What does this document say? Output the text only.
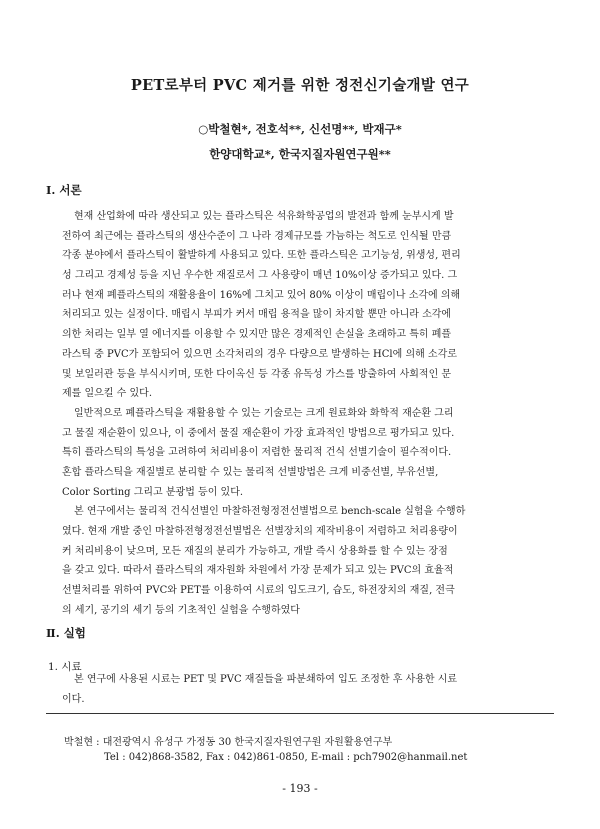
PET로부터 PVC 제거를 위한 정전신기술개발 연구
○박철현*, 전호석**, 신선명**, 박재구*
한양대학교*, 한국지질자원연구원**
Ⅰ. 서론
현재 산업화에 따라 생산되고 있는 플라스틱은 석유화학공업의 발전과 함께 눈부시게 발
전하여 최근에는 플라스틱의 생산수준이 그 나라 경제규모를 가늠하는 척도로 인식될 만큼
각종 분야에서 플라스틱이 활발하게 사용되고 있다. 또한 플라스틱은 고기능성, 위생성, 편리
성 그리고 경제성 등을 지닌 우수한 재질로서 그 사용량이 매년 10%이상 증가되고 있다. 그
러나 현재 폐플라스틱의 재활용율이 16%에 그치고 있어 80% 이상이 매립이나 소각에 의해
처리되고 있는 실정이다. 매립시 부피가 커서 매립 용적을 많이 차지할 뿐만 아니라 소각에
의한 처리는 일부 열 에너지를 이용할 수 있지만 많은 경제적인 손실을 초래하고 특히 폐플
라스틱 중 PVC가 포함되어 있으면 소각처리의 경우 다량으로 발생하는 HCl에 의해 소각로
및 보일러관 등을 부식시키며, 또한 다이옥신 등 각종 유독성 가스를 방출하여 사회적인 문
제를 일으킬 수 있다.
일반적으로 폐플라스틱을 재활용할 수 있는 기술로는 크게 원료화와 화학적 재순환 그리
고 물질 재순환이 있으나, 이 중에서 물질 재순환이 가장 효과적인 방법으로 평가되고 있다.
특히 플라스틱의 특성을 고려하여 처리비용이 저렴한 물리적 건식 선별기술이 필수적이다.
혼합 플라스틱을 재질별로 분리할 수 있는 물리적 선별방법은 크게 비중선별, 부유선별,
Color Sorting 그리고 분광법 등이 있다.
본 연구에서는 물리적 건식선별인 마찰하전형정전선별법으로 bench-scale 실험을 수행하
였다. 현재 개발 중인 마찰하전형정전선별법은 선별장치의 제작비용이 저렴하고 처리용량이
커 처리비용이 낮으며, 모든 재질의 분리가 가능하고, 개발 즉시 상용화를 할 수 있는 장점
을 갖고 있다. 따라서 플라스틱의 재자원화 차원에서 가장 문제가 되고 있는 PVC의 효율적
선별처리를 위하여 PVC와 PET를 이용하여 시료의 입도크기, 습도, 하전장치의 재질, 전극
의 세기, 공기의 세기 등의 기초적인 실험을 수행하였다
Ⅱ. 실험
1. 시료
본 연구에 사용된 시료는 PET 및 PVC 재질들을 파분쇄하여 입도 조정한 후 사용한 시료
이다.
박철현 : 대전광역시 유성구 가정동 30 한국지질자원연구원 자원활용연구부
Tel : 042)868-3582, Fax : 042)861-0850, E-mail : pch7902@hanmail.net
- 193 -
